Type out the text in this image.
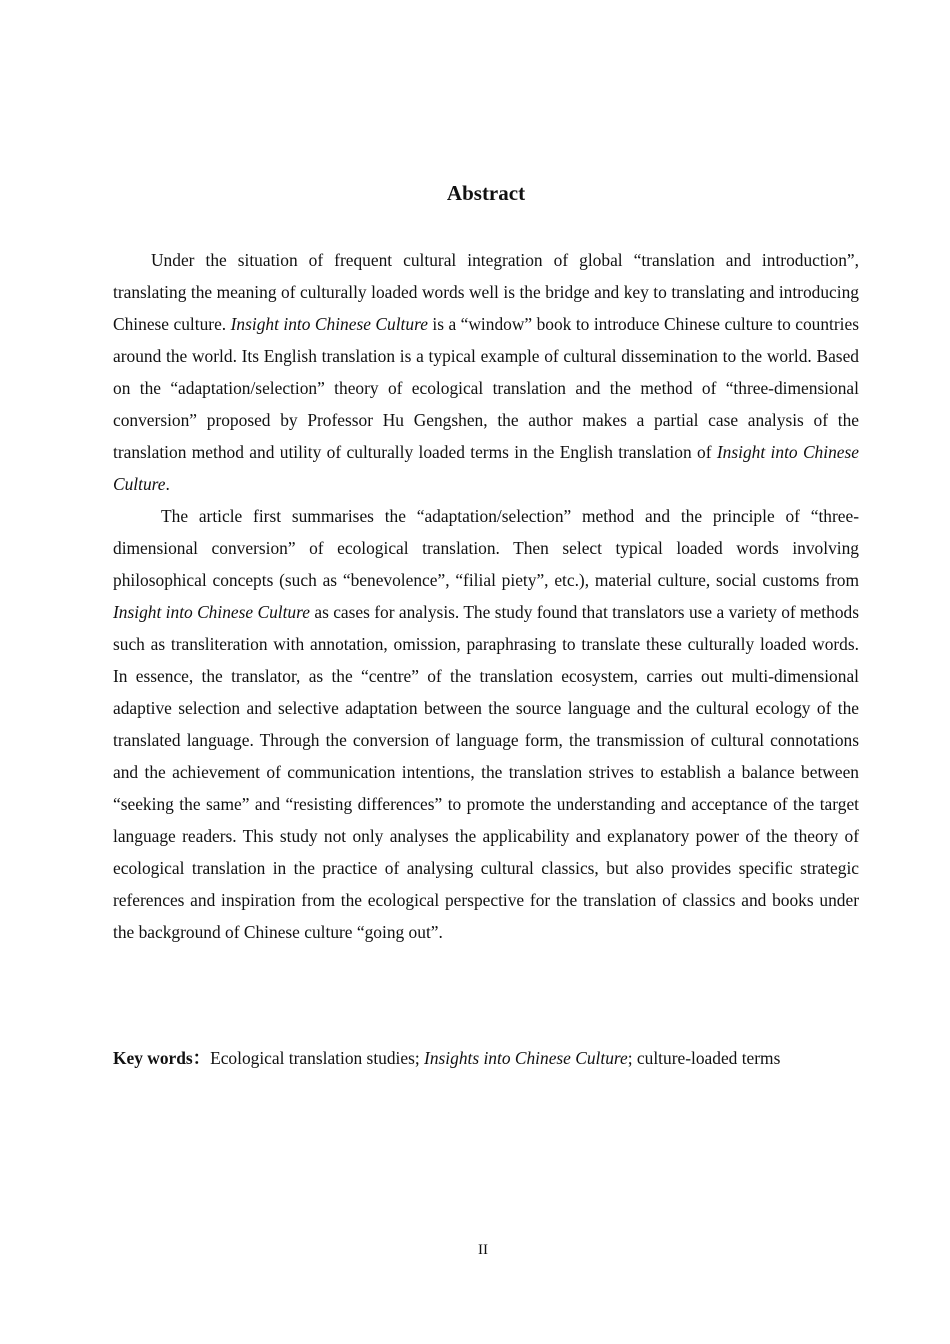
Abstract

Under the situation of frequent cultural integration of global “translation and introduction”, translating the meaning of culturally loaded words well is the bridge and key to translating and introducing Chinese culture. Insight into Chinese Culture is a “window” book to introduce Chinese culture to countries around the world. Its English translation is a typical example of cultural dissemination to the world. Based on the “adaptation/selection” theory of ecological translation and the method of “three-dimensional conversion” proposed by Professor Hu Gengshen, the author makes a partial case analysis of the translation method and utility of culturally loaded terms in the English translation of Insight into Chinese Culture.

The article first summarises the “adaptation/selection” method and the principle of “three-dimensional conversion” of ecological translation. Then select typical loaded words involving philosophical concepts (such as “benevolence”, “filial piety”, etc.), material culture, social customs from Insight into Chinese Culture as cases for analysis. The study found that translators use a variety of methods such as transliteration with annotation, omission, paraphrasing to translate these culturally loaded words. In essence, the translator, as the “centre” of the translation ecosystem, carries out multi-dimensional adaptive selection and selective adaptation between the source language and the cultural ecology of the translated language. Through the conversion of language form, the transmission of cultural connotations and the achievement of communication intentions, the translation strives to establish a balance between “seeking the same” and “resisting differences” to promote the understanding and acceptance of the target language readers. This study not only analyses the applicability and explanatory power of the theory of ecological translation in the practice of analysing cultural classics, but also provides specific strategic references and inspiration from the ecological perspective for the translation of classics and books under the background of Chinese culture “going out”.

Key words：Ecological translation studies; Insights into Chinese Culture; culture-loaded terms

II
